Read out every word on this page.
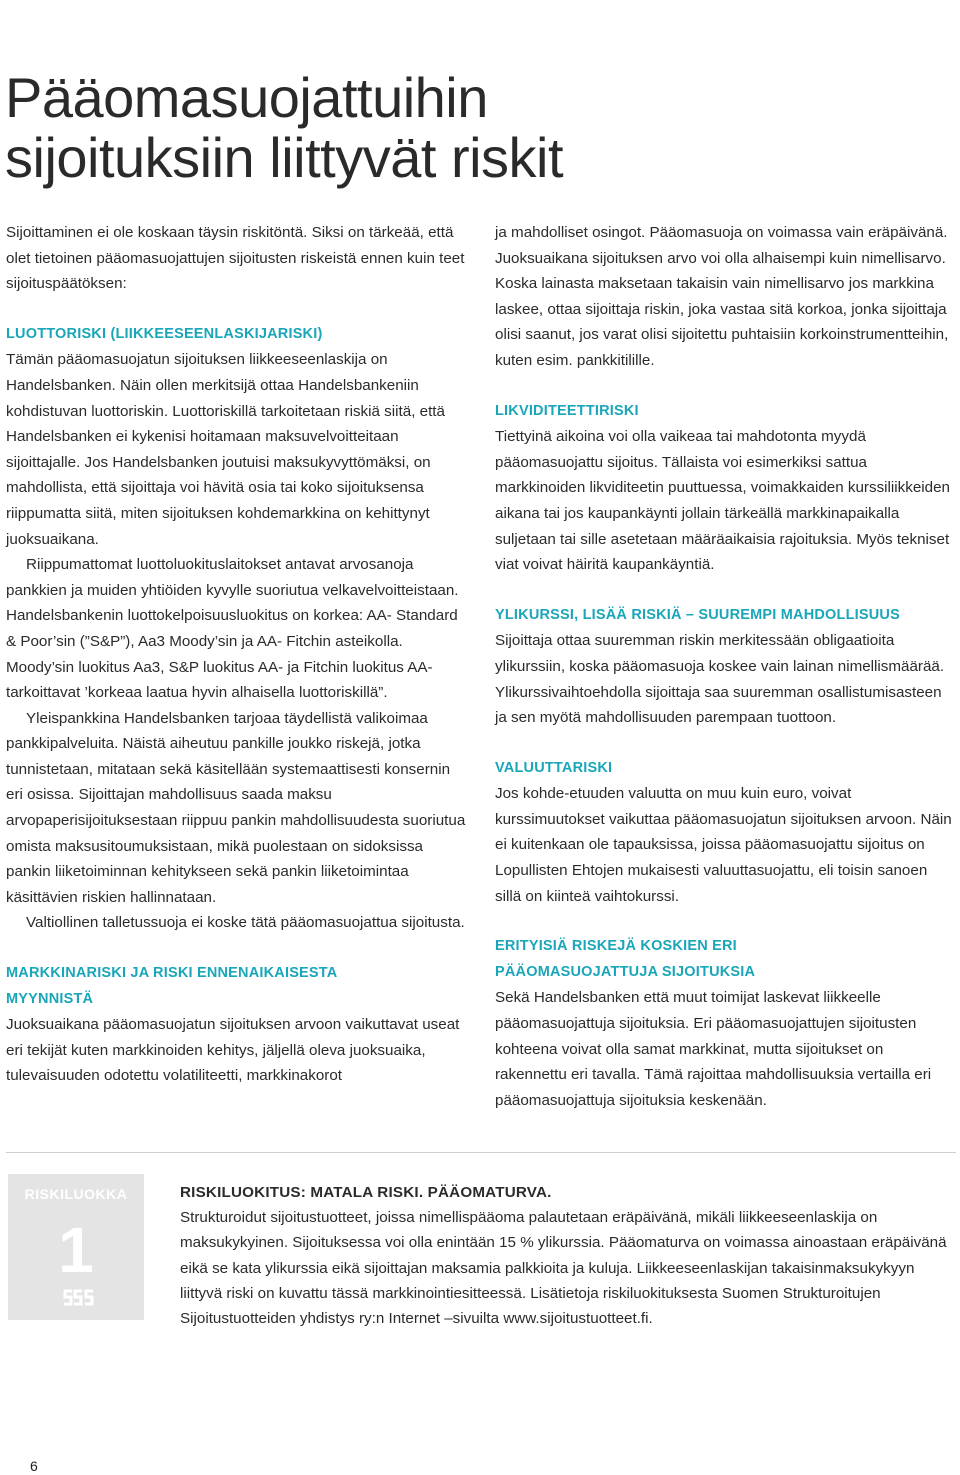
Pääomasuojattuihin
sijoituksiin liittyvät riskit

Sijoittaminen ei ole koskaan täysin riskitöntä. Siksi on tärkeää, että olet tietoinen pääomasuojattujen sijoitusten riskeistä ennen kuin teet sijoituspäätöksen:

LUOTTORISKI (LIIKKEESEENLASKIJARISKI)

Tämän pääomasuojatun sijoituksen liikkeeseenlaskija on Handelsbanken. Näin ollen merkitsijä ottaa Handelsbankeniin kohdistuvan luottoriskin. Luottoriskillä tarkoitetaan riskiä siitä, että Handelsbanken ei kykenisi hoitamaan maksuvelvoitteitaan sijoittajalle. Jos Handelsbanken joutuisi maksukyvyttömäksi, on mahdollista, että sijoittaja voi hävitä osia tai koko sijoituksensa riippumatta siitä, miten sijoituksen kohdemarkkina on kehittynyt juoksuaikana.

Riippumattomat luottoluokituslaitokset antavat arvosanoja pankkien ja muiden yhtiöiden kyvylle suoriutua velkavelvoitteistaan. Handelsbankenin luottokelpoisuusluokitus on korkea: AA- Standard & Poor’sin (”S&P”), Aa3 Moody’sin ja AA- Fitchin asteikolla. Moody’sin luokitus Aa3, S&P luokitus AA- ja Fitchin luokitus AA- tarkoittavat ’korkeaa laatua hyvin alhaisella luottoriskillä”.

Yleispankkina Handelsbanken tarjoaa täydellistä valikoimaa pankkipalveluita. Näistä aiheutuu pankille joukko riskejä, jotka tunnistetaan, mitataan sekä käsitellään systemaattisesti konsernin eri osissa. Sijoittajan mahdollisuus saada maksu arvopaperisijoituksestaan riippuu pankin mahdollisuudesta suoriutua omista maksusitoumuksistaan, mikä puolestaan on sidoksissa pankin liiketoiminnan kehitykseen sekä pankin liiketoimintaa käsittävien riskien hallinnataan.

Valtiollinen talletussuoja ei koske tätä pääomasuojattua sijoitusta.

MARKKINARISKI JA RISKI ENNENAIKAISESTA
MYYNNISTÄ

Juoksuaikana pääomasuojatun sijoituksen arvoon vaikuttavat useat eri tekijät kuten markkinoiden kehitys, jäljellä oleva juoksuaika, tulevaisuuden odotettu volatiliteetti, markkinakorot

ja mahdolliset osingot. Pääomasuoja on voimassa vain eräpäivänä. Juoksuaikana sijoituksen arvo voi olla alhaisempi kuin nimellisarvo. Koska lainasta maksetaan takaisin vain nimellisarvo jos markkina laskee, ottaa sijoittaja riskin, joka vastaa sitä korkoa, jonka sijoittaja olisi saanut, jos varat olisi sijoitettu puhtaisiin korkoinstrumentteihin, kuten esim. pankkitilille.

LIKVIDITEETTIRISKI

Tiettyinä aikoina voi olla vaikeaa tai mahdotonta myydä pääomasuojattu sijoitus. Tällaista voi esimerkiksi sattua markkinoiden likviditeetin puuttuessa, voimakkaiden kurssiliikkeiden aikana tai jos kaupankäynti jollain tärkeällä markkinapaikalla suljetaan tai sille asetetaan määräaikaisia rajoituksia. Myös tekniset viat voivat häiritä kaupankäyntiä.

YLIKURSSI, LISÄÄ RISKIÄ – SUUREMPI MAHDOLLISUUS

Sijoittaja ottaa suuremman riskin merkitessään obligaatioita ylikurssiin, koska pääomasuoja koskee vain lainan nimellismäärää. Ylikurssivaihtoehdolla sijoittaja saa suuremman osallistumisasteen ja sen myötä mahdollisuuden parempaan tuottoon.

VALUUTTARISKI

Jos kohde-etuuden valuutta on muu kuin euro, voivat kurssimuutokset vaikuttaa pääomasuojatun sijoituksen arvoon. Näin ei kuitenkaan ole tapauksissa, joissa pääomasuojattu sijoitus on Lopullisten Ehtojen mukaisesti valuuttasuojattu, eli toisin sanoen sillä on kiinteä vaihtokurssi.

ERITYISIÄ RISKEJÄ KOSKIEN ERI
PÄÄOMASUOJATTUJA SIJOITUKSIA

Sekä Handelsbanken että muut toimijat laskevat liikkeelle pääomasuojattuja sijoituksia. Eri pääomasuojattujen sijoitusten kohteena voivat olla samat markkinat, mutta sijoitukset on rakennettu eri tavalla. Tämä rajoittaa mahdollisuuksia vertailla eri pääomasuojattuja sijoituksia keskenään.

RISKILUOKKA
1

RISKILUOKITUS: MATALA RISKI. PÄÄOMATURVA.

Strukturoidut sijoitustuotteet, joissa nimellispääoma palautetaan eräpäivänä, mikäli liikkeeseenlaskija on maksukykyinen. Sijoituksessa voi olla enintään 15 % ylikurssia. Pääomaturva on voimassa ainoastaan eräpäivänä eikä se kata ylikurssia eikä sijoittajan maksamia palkkioita ja kuluja. Liikkeeseenlaskijan takaisinmaksukykyyn liittyvä riski on kuvattu tässä markkinointiesitteessä. Lisätietoja riskiluokituksesta Suomen Strukturoitujen Sijoitustuotteiden yhdistys ry:n Internet –sivuilta www.sijoitustuotteet.fi.

6
